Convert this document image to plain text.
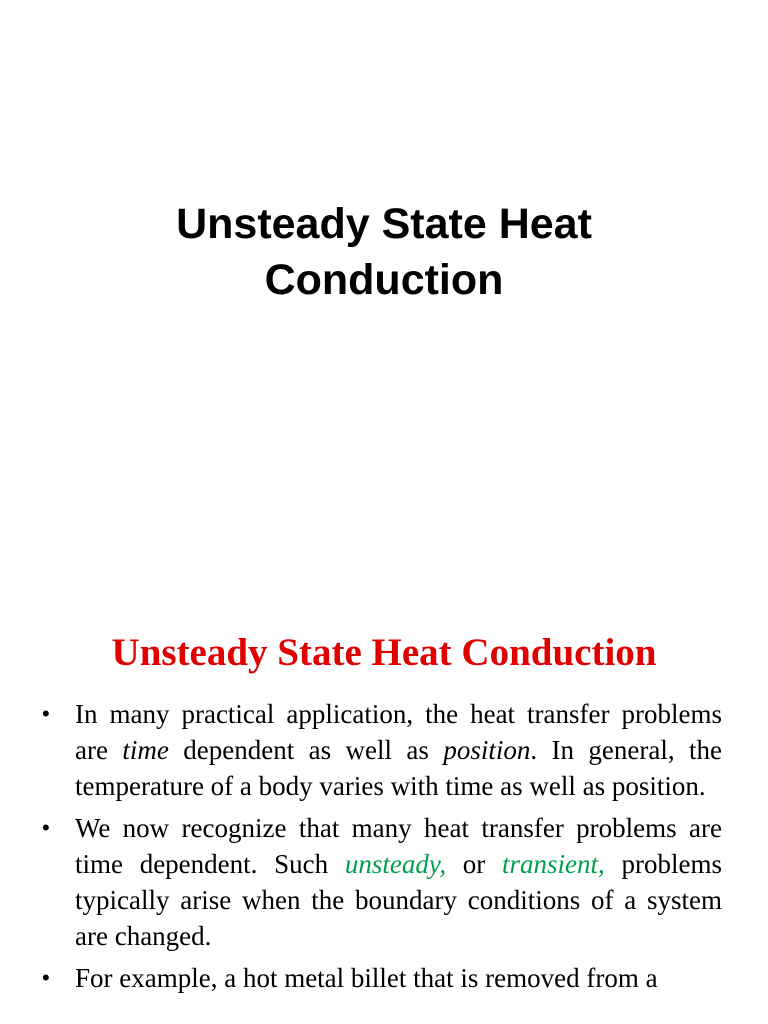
Unsteady State Heat
Conduction
Unsteady State Heat Conduction
• In many practical application, the heat transfer problems are time dependent as well as position. In general, the temperature of a body varies with time as well as position.
• We now recognize that many heat transfer problems are time dependent. Such unsteady, or transient, problems typically arise when the boundary conditions of a system are changed.
• For example, a hot metal billet that is removed from a
